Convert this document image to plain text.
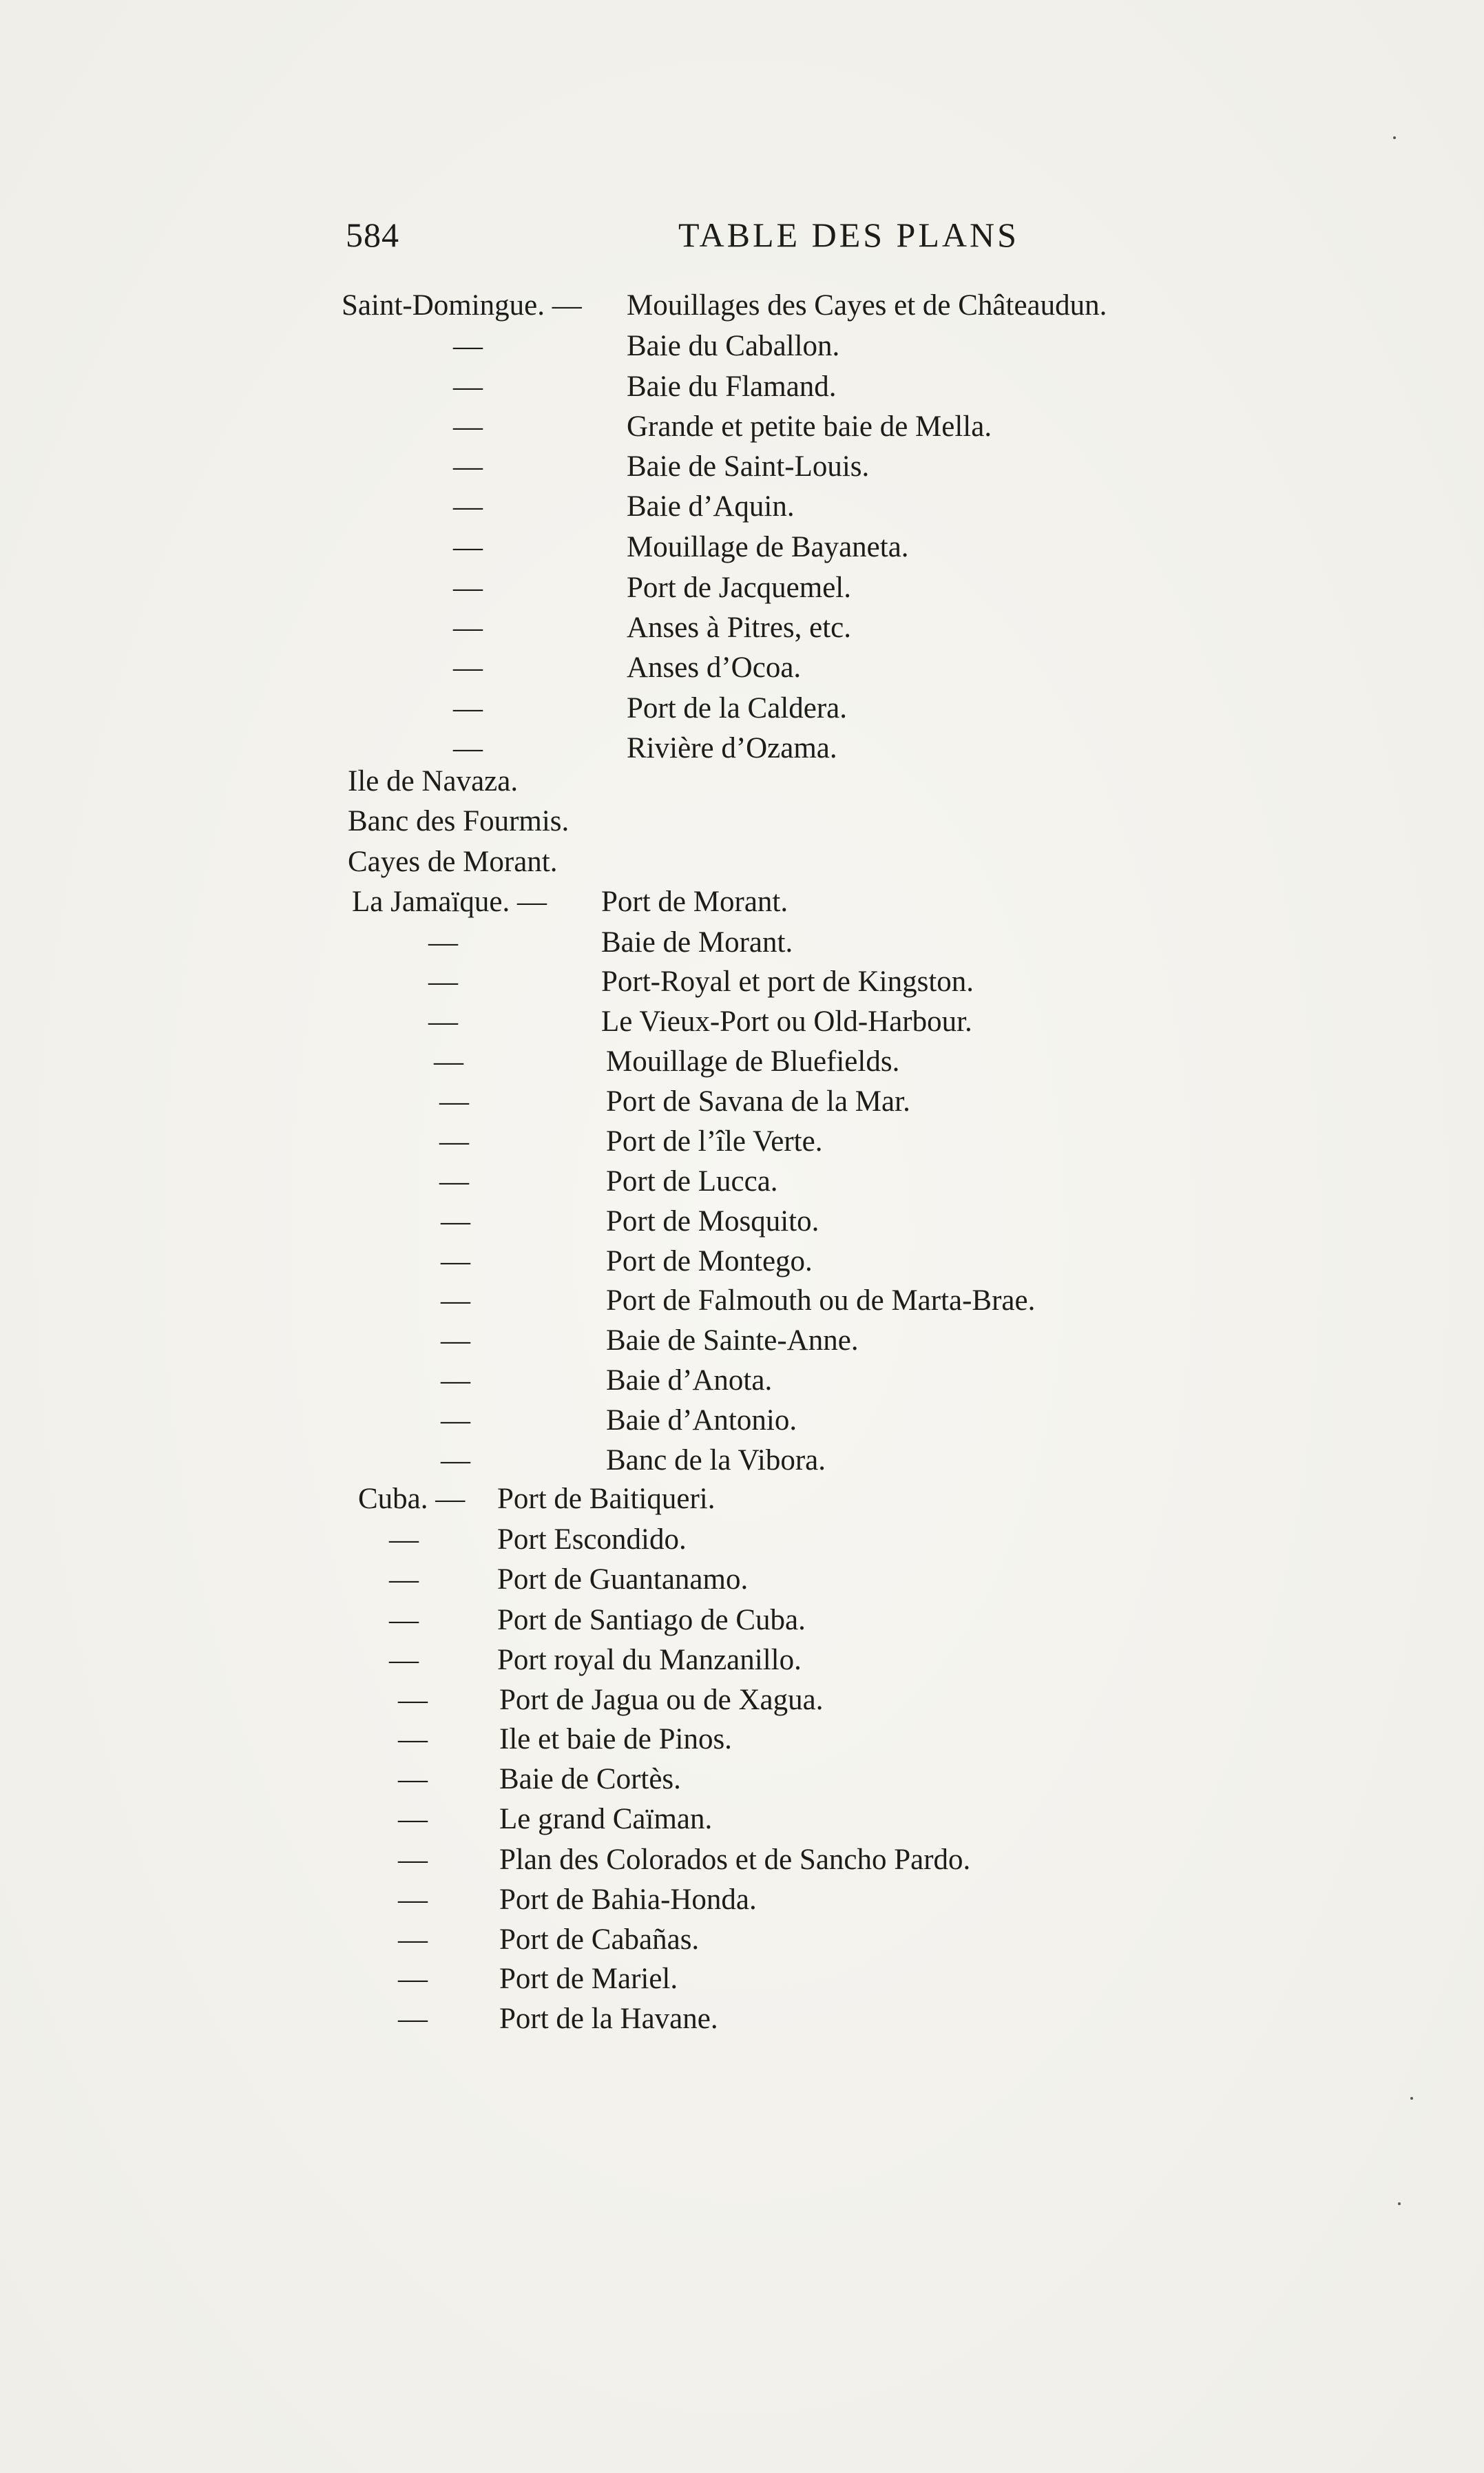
584	TABLE DES PLANS
Saint-Domingue. — Mouillages des Cayes et de Châteaudun.
—	Baie du Caballon.
—	Baie du Flamand.
—	Grande et petite baie de Mella.
—	Baie de Saint-Louis.
—	Baie d’Aquin.
—	Mouillage de Bayaneta.
—	Port de Jacquemel.
—	Anses à Pitres, etc.
—	Anses d’Ocoa.
—	Port de la Caldera.
—	Rivière d’Ozama.
Ile de Navaza.
Banc des Fourmis.
Cayes de Morant.
La Jamaïque. — Port de Morant.
—	Baie de Morant.
—	Port-Royal et port de Kingston.
—	Le Vieux-Port ou Old-Harbour.
—	Mouillage de Bluefields.
—	Port de Savana de la Mar.
—	Port de l’île Verte.
—	Port de Lucca.
—	Port de Mosquito.
—	Port de Montego.
—	Port de Falmouth ou de Marta-Brae.
—	Baie de Sainte-Anne.
—	Baie d’Anota.
—	Baie d’Antonio.
—	Banc de la Vibora.
Cuba. — Port de Baitiqueri.
—	Port Escondido.
—	Port de Guantanamo.
—	Port de Santiago de Cuba.
—	Port royal du Manzanillo.
— Port de Jagua ou de Xagua.
— Ile et baie de Pinos.
— Baie de Cortès.
— Le grand Caïman.
— Plan des Colorados et de Sancho Pardo.
— Port de Bahia-Honda.
— Port de Cabañas.
— Port de Mariel.
— Port de la Havane.
